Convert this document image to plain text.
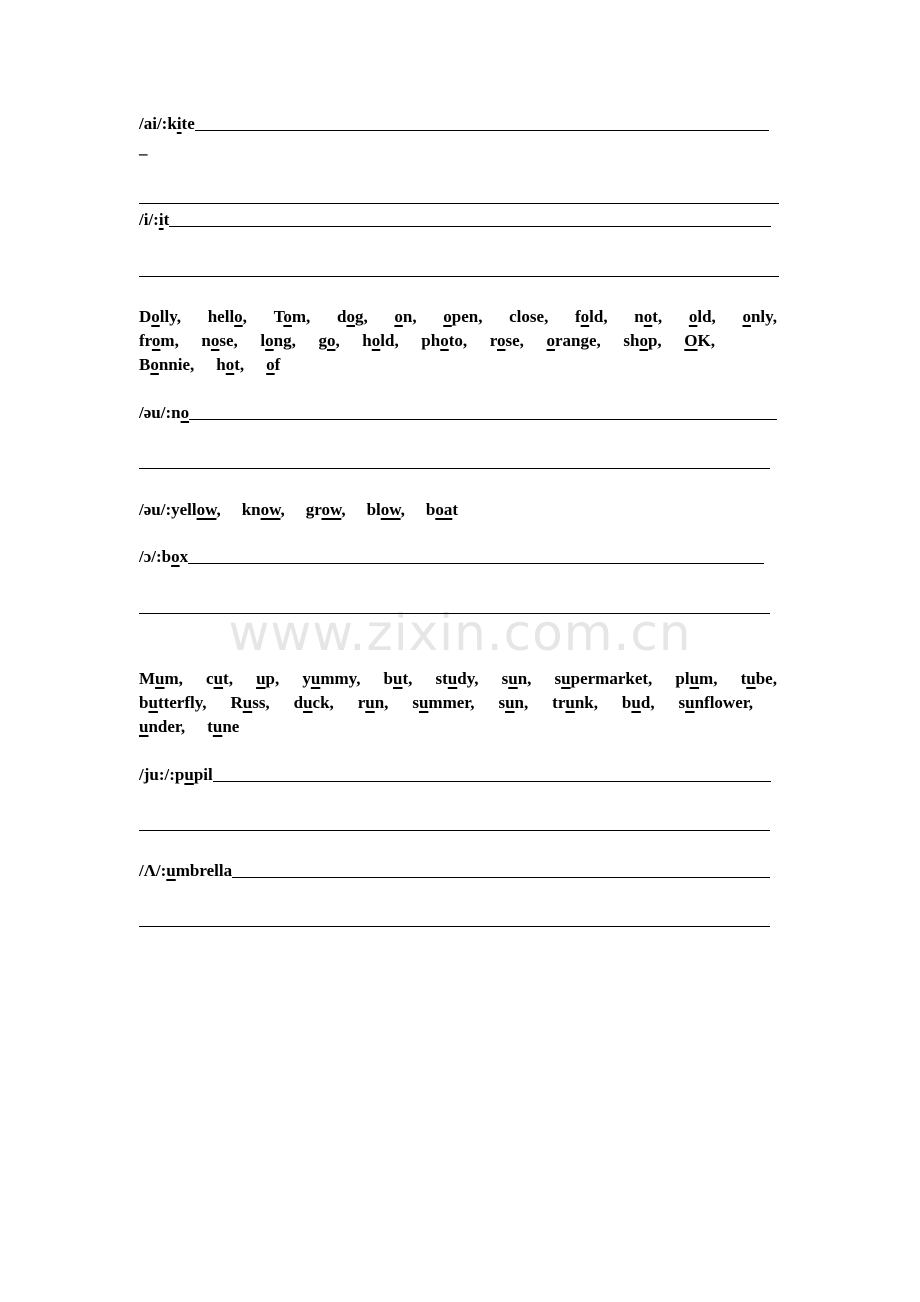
www.zixin.com.cn
/ai/:kite
_
/i/:it
Dolly, hello, Tom, dog, on, open, close, fold, not, old, only,
from, nose, long, go, hold, photo, rose, orange, shop, OK,
Bonnie, hot, of
/əu/:no
/əu/:yellow, know, grow, blow, boat
/ɔ/:box
Mum, cut, up, yummy, but, study, sun, supermarket, plum, tube,
butterfly, Russ, duck, run, summer, sun, trunk, bud, sunflower,
under, tune
/ju:/:pupil
/Λ/:umbrella
